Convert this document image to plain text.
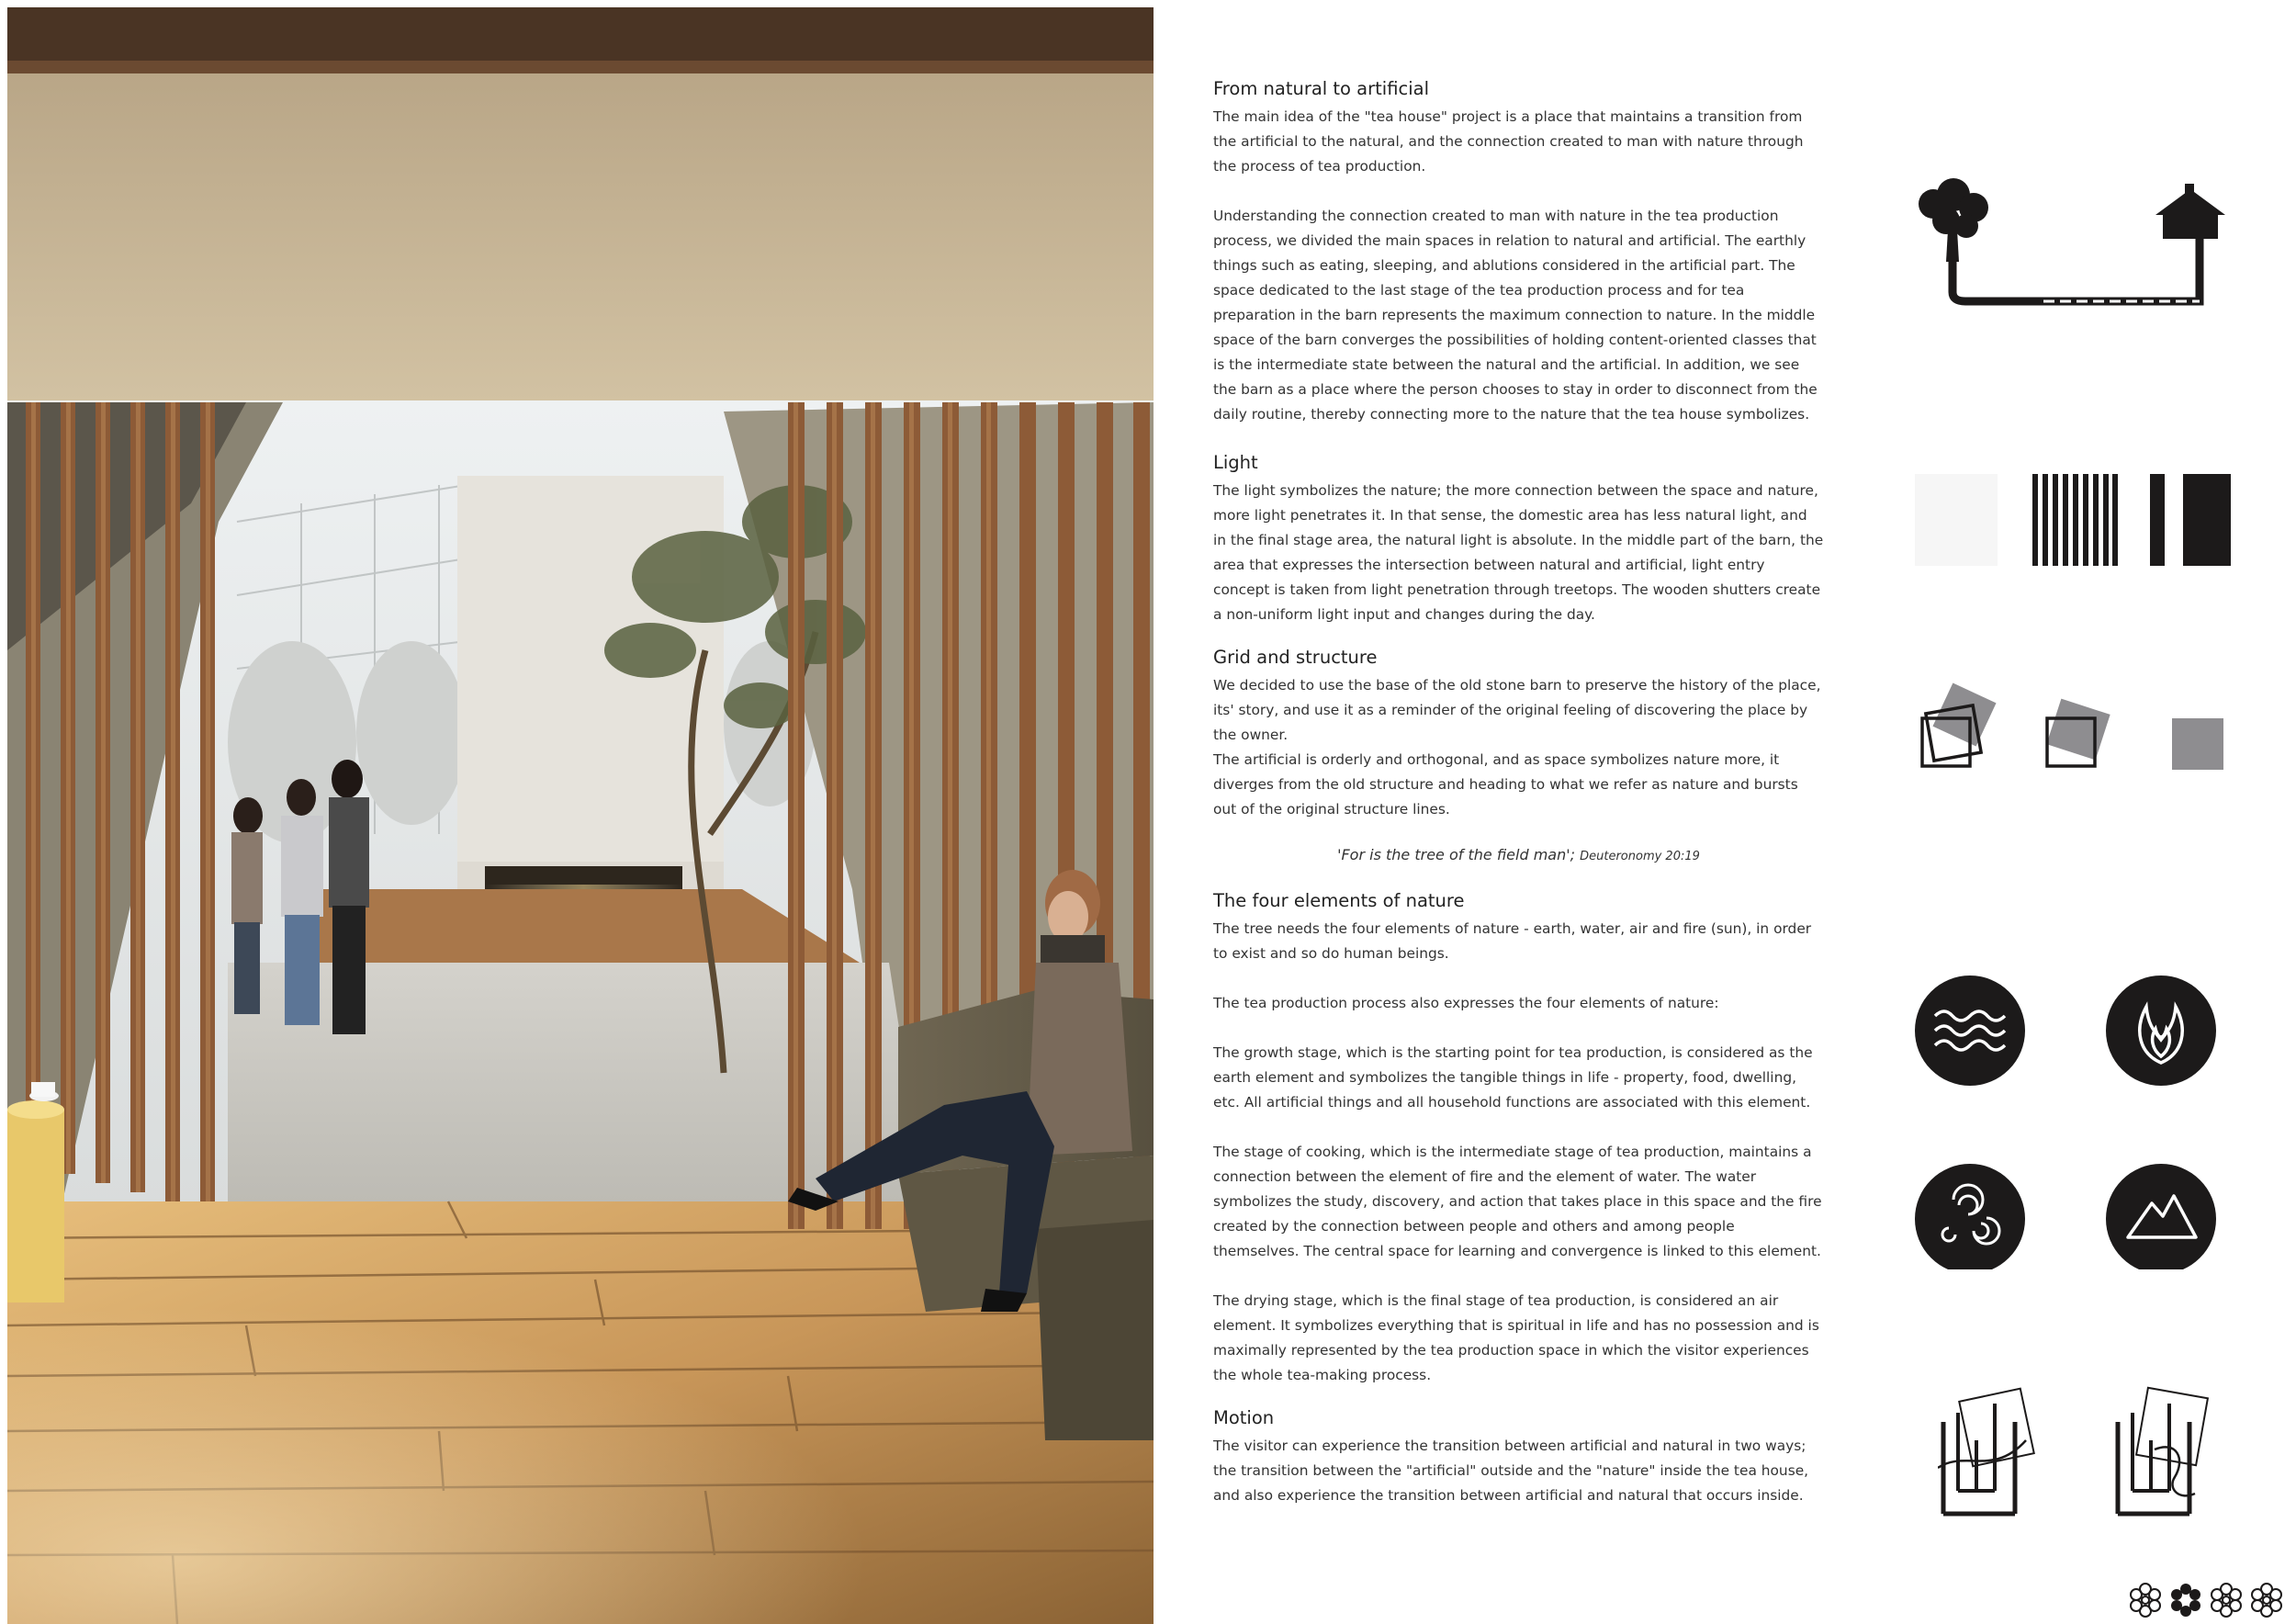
From natural to artificial

The main idea of the "tea house" project is a place that maintains a transition from the artificial to the natural, and the connection created to man with nature through the process of tea production.

Understanding the connection created to man with nature in the tea production process, we divided the main spaces in relation to natural and artificial. The earthly things such as eating, sleeping, and ablutions considered in the artificial part. The space dedicated to the last stage of the tea production process and for tea preparation in the barn represents the maximum connection to nature. In the middle space of the barn converges the possibilities of holding content-oriented classes that is the intermediate state between the natural and the artificial. In addition, we see the barn as a place where the person chooses to stay in order to disconnect from the daily routine, thereby connecting more to the nature that the tea house symbolizes.

Light

The light symbolizes the nature; the more connection between the space and nature, more light penetrates it. In that sense, the domestic area has less natural light, and in the final stage area, the natural light is absolute. In the middle part of the barn, the area that expresses the intersection between natural and artificial, light entry concept is taken from light penetration through treetops. The wooden shutters create a non-uniform light input and changes during the day.

Grid and structure

We decided to use the base of the old stone barn to preserve the history of the place, its' story, and use it as a reminder of the original feeling of discovering the place by the owner.

The artificial is orderly and orthogonal, and as space symbolizes nature more, it diverges from the old structure and heading to what we refer as nature and bursts out of the original structure lines.

'For is the tree of the field man'; Deuteronomy 20:19

The four elements of nature

The tree needs the four elements of nature - earth, water, air and fire (sun), in order to exist and so do human beings.

The tea production process also expresses the four elements of nature:

The growth stage, which is the starting point for tea production, is considered as the earth element and symbolizes the tangible things in life - property, food, dwelling, etc. All artificial things and all household functions are associated with this element.

The stage of cooking, which is the intermediate stage of tea production, maintains a connection between the element of fire and the element of water. The water symbolizes the study, discovery, and action that takes place in this space and the fire created by the connection between people and others and among people themselves. The central space for learning and convergence is linked to this element.

The drying stage, which is the final stage of tea production, is considered an air element. It symbolizes everything that is spiritual in life and has no possession and is maximally represented by the tea production space in which the visitor experiences the whole tea-making process.

Motion

The visitor can experience the transition between artificial and natural in two ways; the transition between the "artificial" outside and the "nature" inside the tea house, and also experience the transition between artificial and natural that occurs inside.
